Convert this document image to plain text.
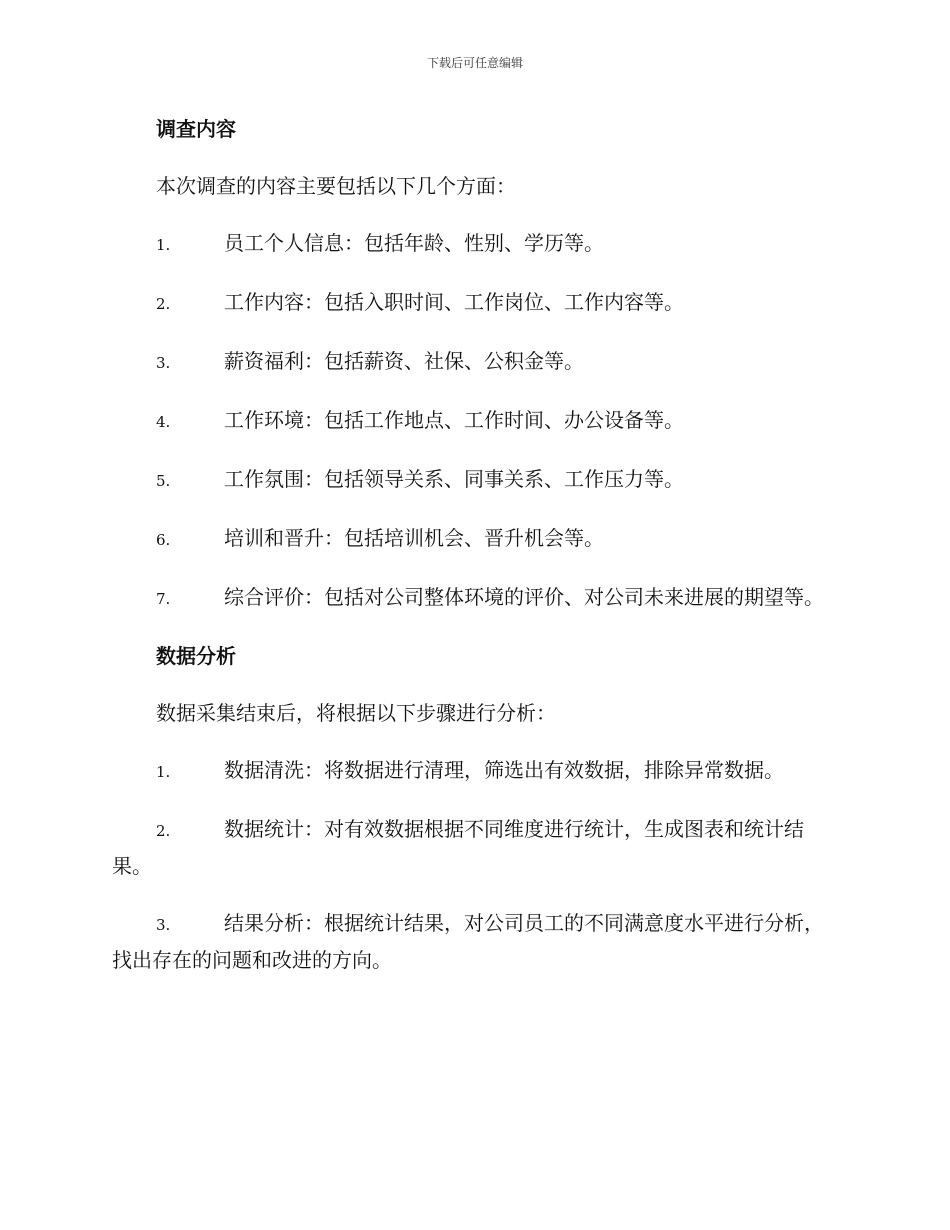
下载后可任意编辑
调查内容
本次调查的内容主要包括以下几个方面：
1.	员工个人信息：包括年龄、性别、学历等。
2.	工作内容：包括入职时间、工作岗位、工作内容等。
3.	薪资福利：包括薪资、社保、公积金等。
4.	工作环境：包括工作地点、工作时间、办公设备等。
5.	工作氛围：包括领导关系、同事关系、工作压力等。
6.	培训和晋升：包括培训机会、晋升机会等。
7.	综合评价：包括对公司整体环境的评价、对公司未来进展的期望等。
数据分析
数据采集结束后，将根据以下步骤进行分析：
1.	数据清洗：将数据进行清理，筛选出有效数据，排除异常数据。
2.	数据统计：对有效数据根据不同维度进行统计，生成图表和统计结果。
3.	结果分析：根据统计结果，对公司员工的不同满意度水平进行分析，找出存在的问题和改进的方向。
